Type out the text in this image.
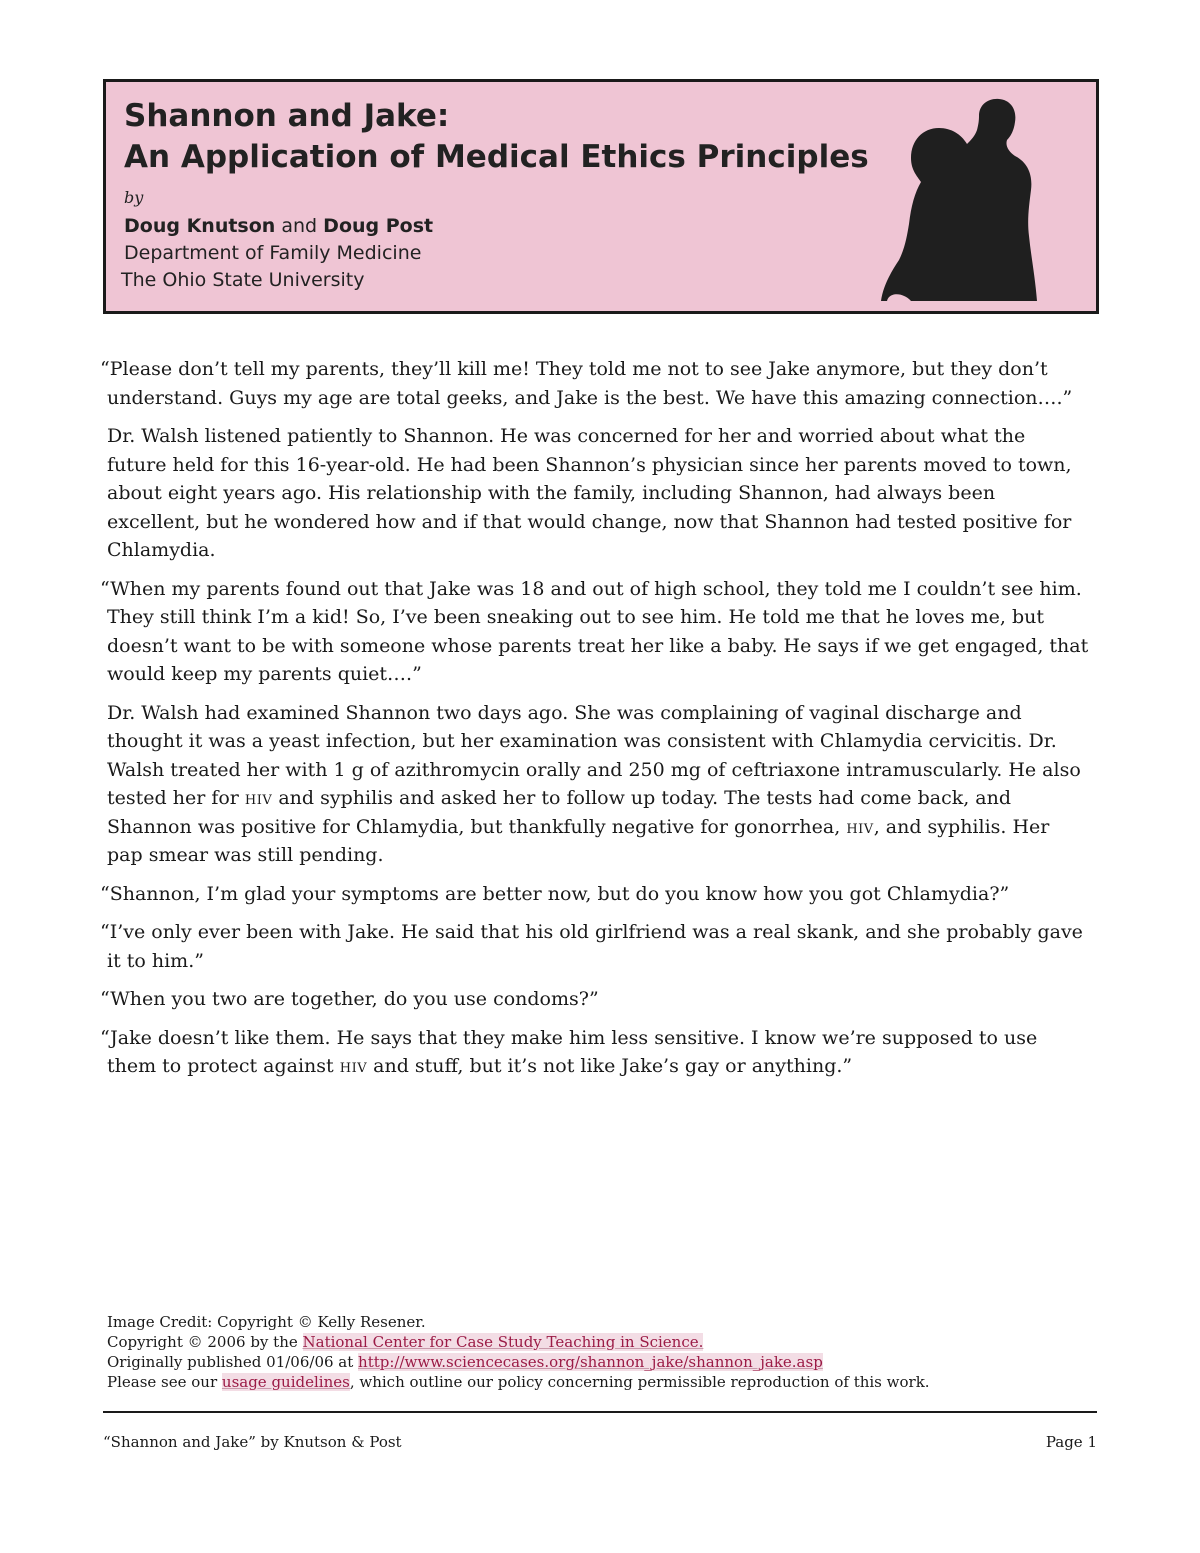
Shannon and Jake:
An Application of Medical Ethics Principles
by
Doug Knutson and Doug Post
Department of Family Medicine
The Ohio State University

“Please don’t tell my parents, they’ll kill me! They told me not to see Jake anymore, but they don’t understand. Guys my age are total geeks, and Jake is the best. We have this amazing connection….”

Dr. Walsh listened patiently to Shannon. He was concerned for her and worried about what the future held for this 16-year-old. He had been Shannon’s physician since her parents moved to town, about eight years ago. His relationship with the family, including Shannon, had always been excellent, but he wondered how and if that would change, now that Shannon had tested positive for Chlamydia.

“When my parents found out that Jake was 18 and out of high school, they told me I couldn’t see him. They still think I’m a kid! So, I’ve been sneaking out to see him. He told me that he loves me, but doesn’t want to be with someone whose parents treat her like a baby. He says if we get engaged, that would keep my parents quiet….”

Dr. Walsh had examined Shannon two days ago. She was complaining of vaginal discharge and thought it was a yeast infection, but her examination was consistent with Chlamydia cervicitis. Dr. Walsh treated her with 1 g of azithromycin orally and 250 mg of ceftriaxone intramuscularly. He also tested her for hiv and syphilis and asked her to follow up today. The tests had come back, and Shannon was positive for Chlamydia, but thankfully negative for gonorrhea, hiv, and syphilis. Her pap smear was still pending.

“Shannon, I’m glad your symptoms are better now, but do you know how you got Chlamydia?”

“I’ve only ever been with Jake. He said that his old girlfriend was a real skank, and she probably gave it to him.”

“When you two are together, do you use condoms?”

“Jake doesn’t like them. He says that they make him less sensitive. I know we’re supposed to use them to protect against hiv and stuff, but it’s not like Jake’s gay or anything.”

Image Credit: Copyright © Kelly Resener.
Copyright © 2006 by the National Center for Case Study Teaching in Science.
Originally published 01/06/06 at http://www.sciencecases.org/shannon_jake/shannon_jake.asp
Please see our usage guidelines, which outline our policy concerning permissible reproduction of this work.
“Shannon and Jake” by Knutson & Post	Page 1
